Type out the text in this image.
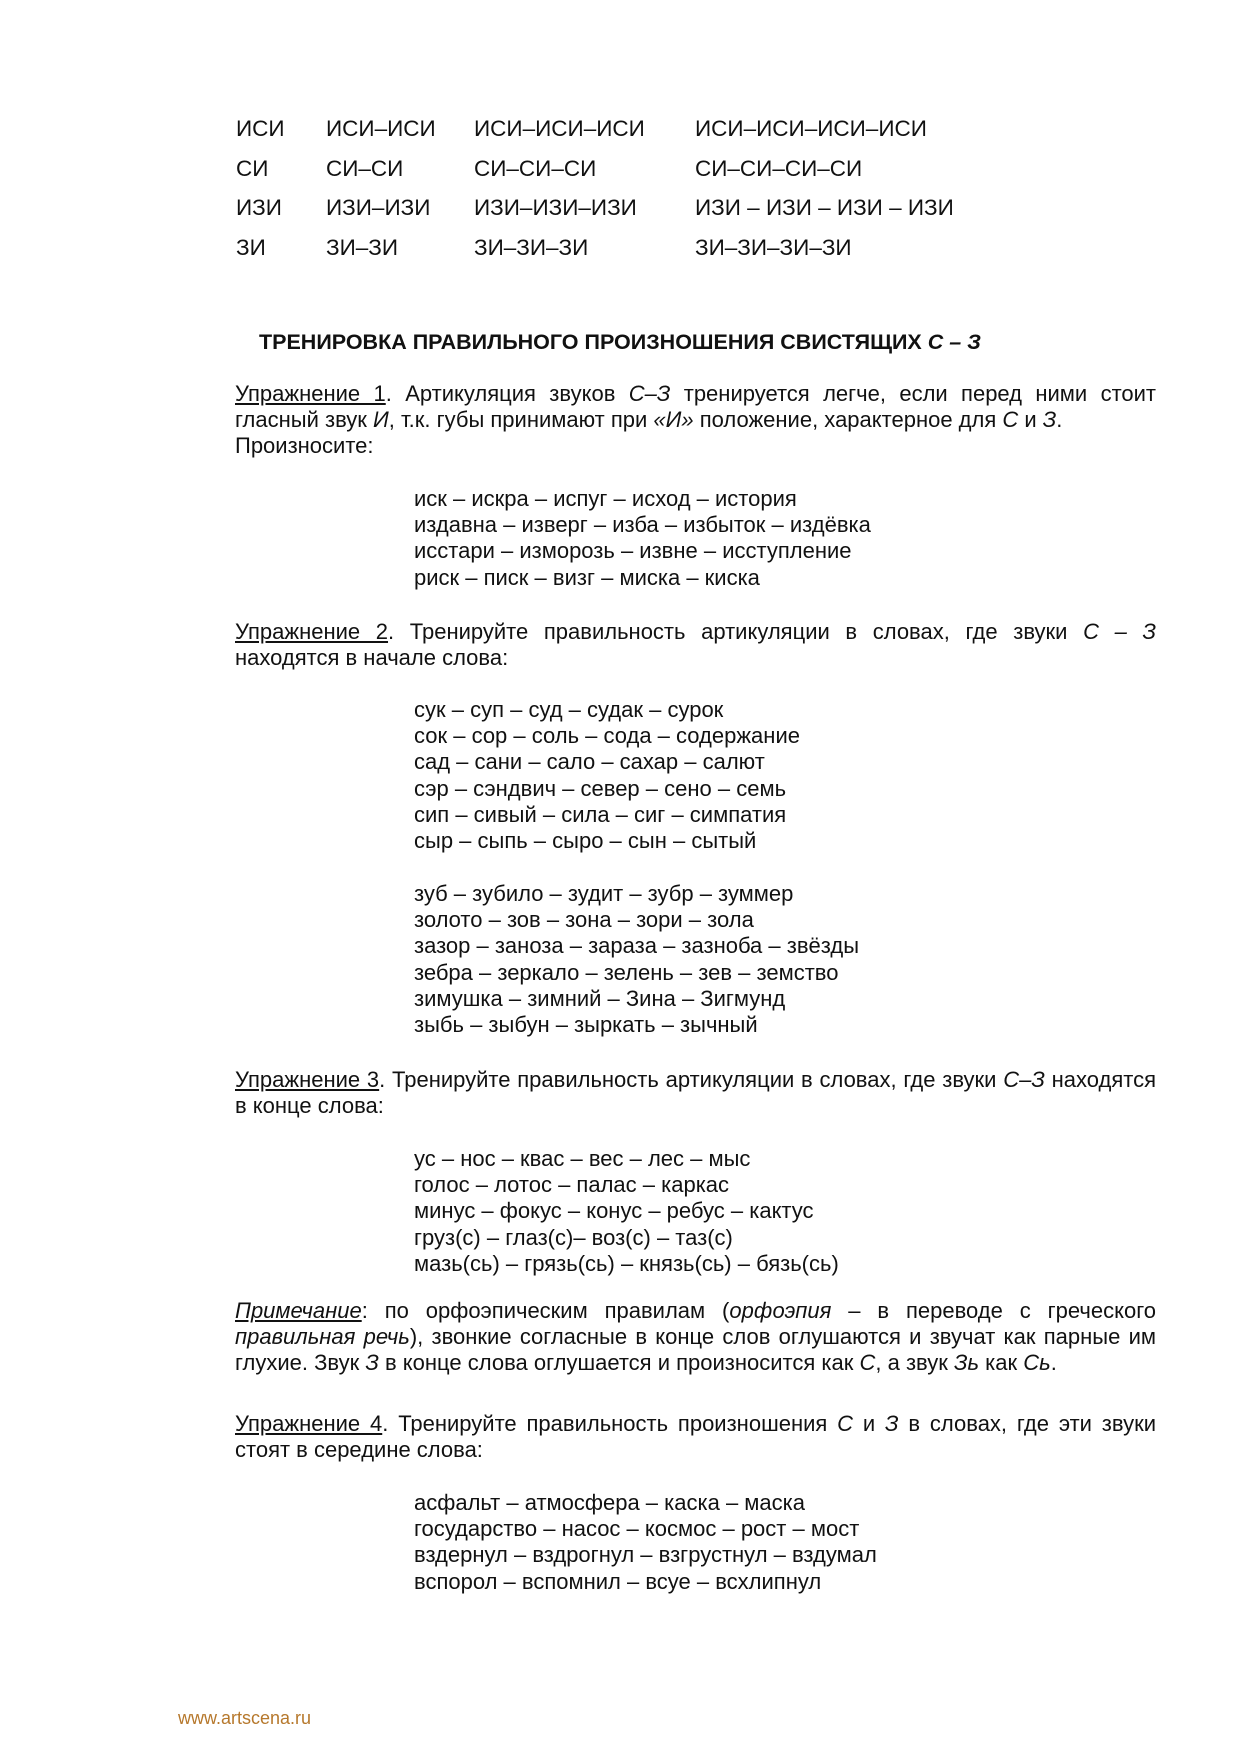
ИСИ	ИСИ–ИСИ	ИСИ–ИСИ–ИСИ	ИСИ–ИСИ–ИСИ–ИСИ
СИ	СИ–СИ	СИ–СИ–СИ	СИ–СИ–СИ–СИ
ИЗИ	ИЗИ–ИЗИ	ИЗИ–ИЗИ–ИЗИ	ИЗИ – ИЗИ – ИЗИ – ИЗИ
ЗИ	ЗИ–ЗИ	ЗИ–ЗИ–ЗИ	ЗИ–ЗИ–ЗИ–ЗИ
ТРЕНИРОВКА ПРАВИЛЬНОГО ПРОИЗНОШЕНИЯ СВИСТЯЩИХ С – З
Упражнение 1. Артикуляция звуков С–З тренируется легче, если перед ними стоит гласный звук И, т.к. губы принимают при «И» положение, характерное для С и З.
Произносите:
иск – искра – испуг – исход – история
издавна – изверг – изба – избыток – издёвка
исстари – изморозь – извне – исступление
риск – писк – визг – миска – киска
Упражнение 2. Тренируйте правильность артикуляции в словах, где звуки С – З находятся в начале слова:
сук – суп – суд – судак – сурок
сок – сор – соль – сода – содержание
сад – сани – сало – сахар – салют
сэр – сэндвич – север – сено – семь
сип – сивый – сила – сиг – симпатия
сыр – сыпь – сыро – сын – сытый
зуб – зубило – зудит – зубр – зуммер
золото – зов – зона – зори – зола
зазор – заноза – зараза – зазноба – звёзды
зебра – зеркало – зелень – зев – земство
зимушка – зимний – Зина – Зигмунд
зыбь – зыбун – зыркать – зычный
Упражнение 3. Тренируйте правильность артикуляции в словах, где звуки С–З находятся в конце слова:
ус – нос – квас – вес – лес – мыс
голос – лотос – палас – каркас
минус – фокус – конус – ребус – кактус
груз(с) – глаз(с)– воз(с) – таз(с)
мазь(сь) – грязь(сь) – князь(сь) – бязь(сь)
Примечание: по орфоэпическим правилам (орфоэпия – в переводе с греческого правильная речь), звонкие согласные в конце слов оглушаются и звучат как парные им глухие. Звук З в конце слова оглушается и произносится как С, а звук Зь как Сь.
Упражнение 4. Тренируйте правильность произношения С и З в словах, где эти звуки стоят в середине слова:
асфальт – атмосфера – каска – маска
государство – насос – космос – рост – мост
вздернул – вздрогнул – взгрустнул – вздумал
вспорол – вспомнил – всуе – всхлипнул
www.artscena.ru
